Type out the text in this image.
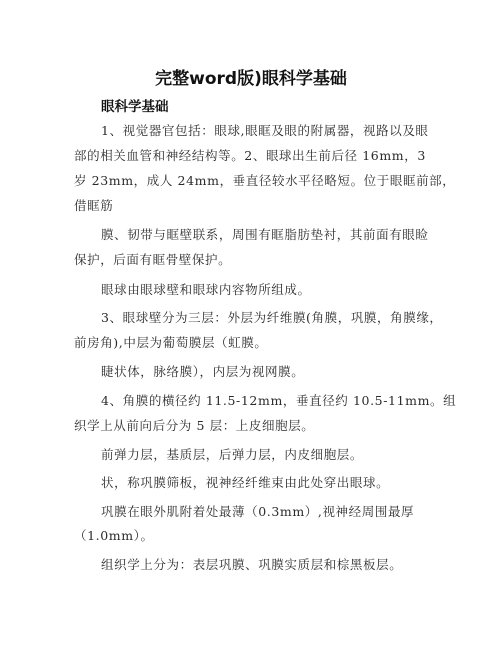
完整word版)眼科学基础
眼科学基础
1、视觉器官包括：眼球,眼眶及眼的附属器，视路以及眼
部的相关血管和神经结构等。2、眼球出生前后径 16mm，3
岁 23mm，成人 24mm，垂直径较水平径略短。位于眼眶前部，
借眶筋
膜、韧带与眶壁联系，周围有眶脂肪垫衬，其前面有眼睑
保护，后面有眶骨壁保护。
眼球由眼球壁和眼球内容物所组成。
3、眼球壁分为三层：外层为纤维膜(角膜，巩膜，角膜缘，
前房角),中层为葡萄膜层（虹膜。
睫状体，脉络膜），内层为视网膜。
4、角膜的横径约 11.5-12mm，垂直径约 10.5-11mm。组
织学上从前向后分为 5 层：上皮细胞层。
前弹力层，基质层，后弹力层，内皮细胞层。
状，称巩膜筛板，视神经纤维束由此处穿出眼球。
巩膜在眼外肌附着处最薄（0.3mm）,视神经周围最厚
（1.0mm）。
组织学上分为：表层巩膜、巩膜实质层和棕黑板层。
